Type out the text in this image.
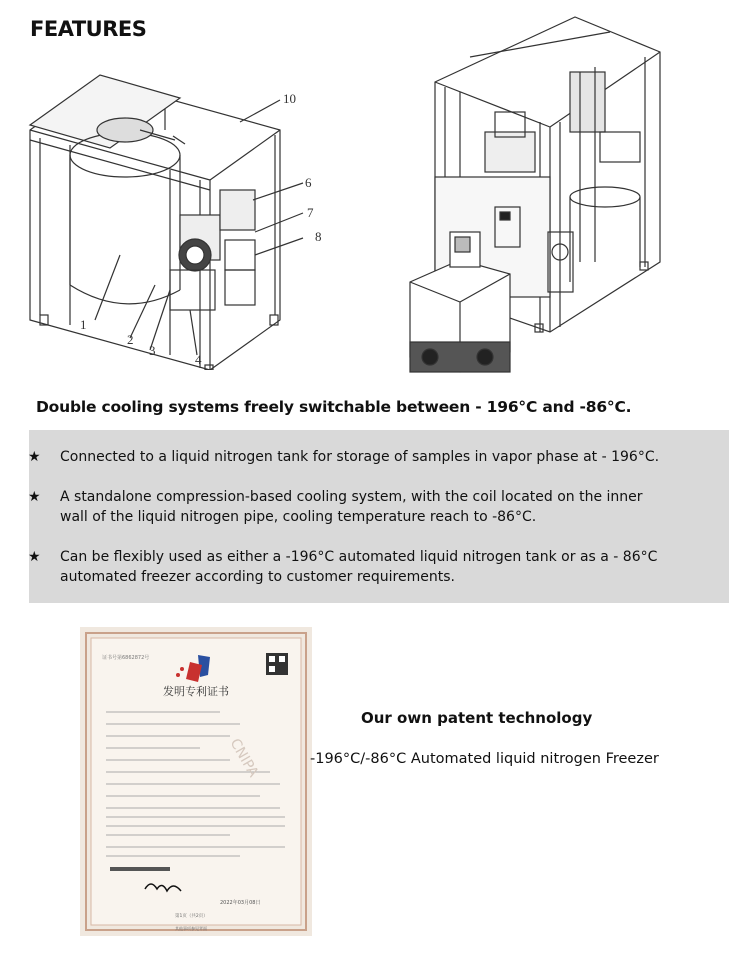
FEATURES
10
6
7
8
1
2
3
4
Double cooling systems freely switchable between - 196°C and -86°C.
★ Connected to a liquid nitrogen tank for storage of samples in vapor phase at - 196°C.
★ A standalone compression-based cooling system, with the coil located on the inner
wall of the liquid nitrogen pipe, cooling temperature reach to -86°C.
★ Can be flexibly used as either a -196°C automated liquid nitrogen tank or as a - 86°C
automated freezer according to customer requirements.
证书号第6862872号
发明专利证书
CNIPA
2022年03月08日
第1页（共2页）
其他事项参见背面
Our own patent technology
-196°C/-86°C Automated liquid nitrogen Freezer
